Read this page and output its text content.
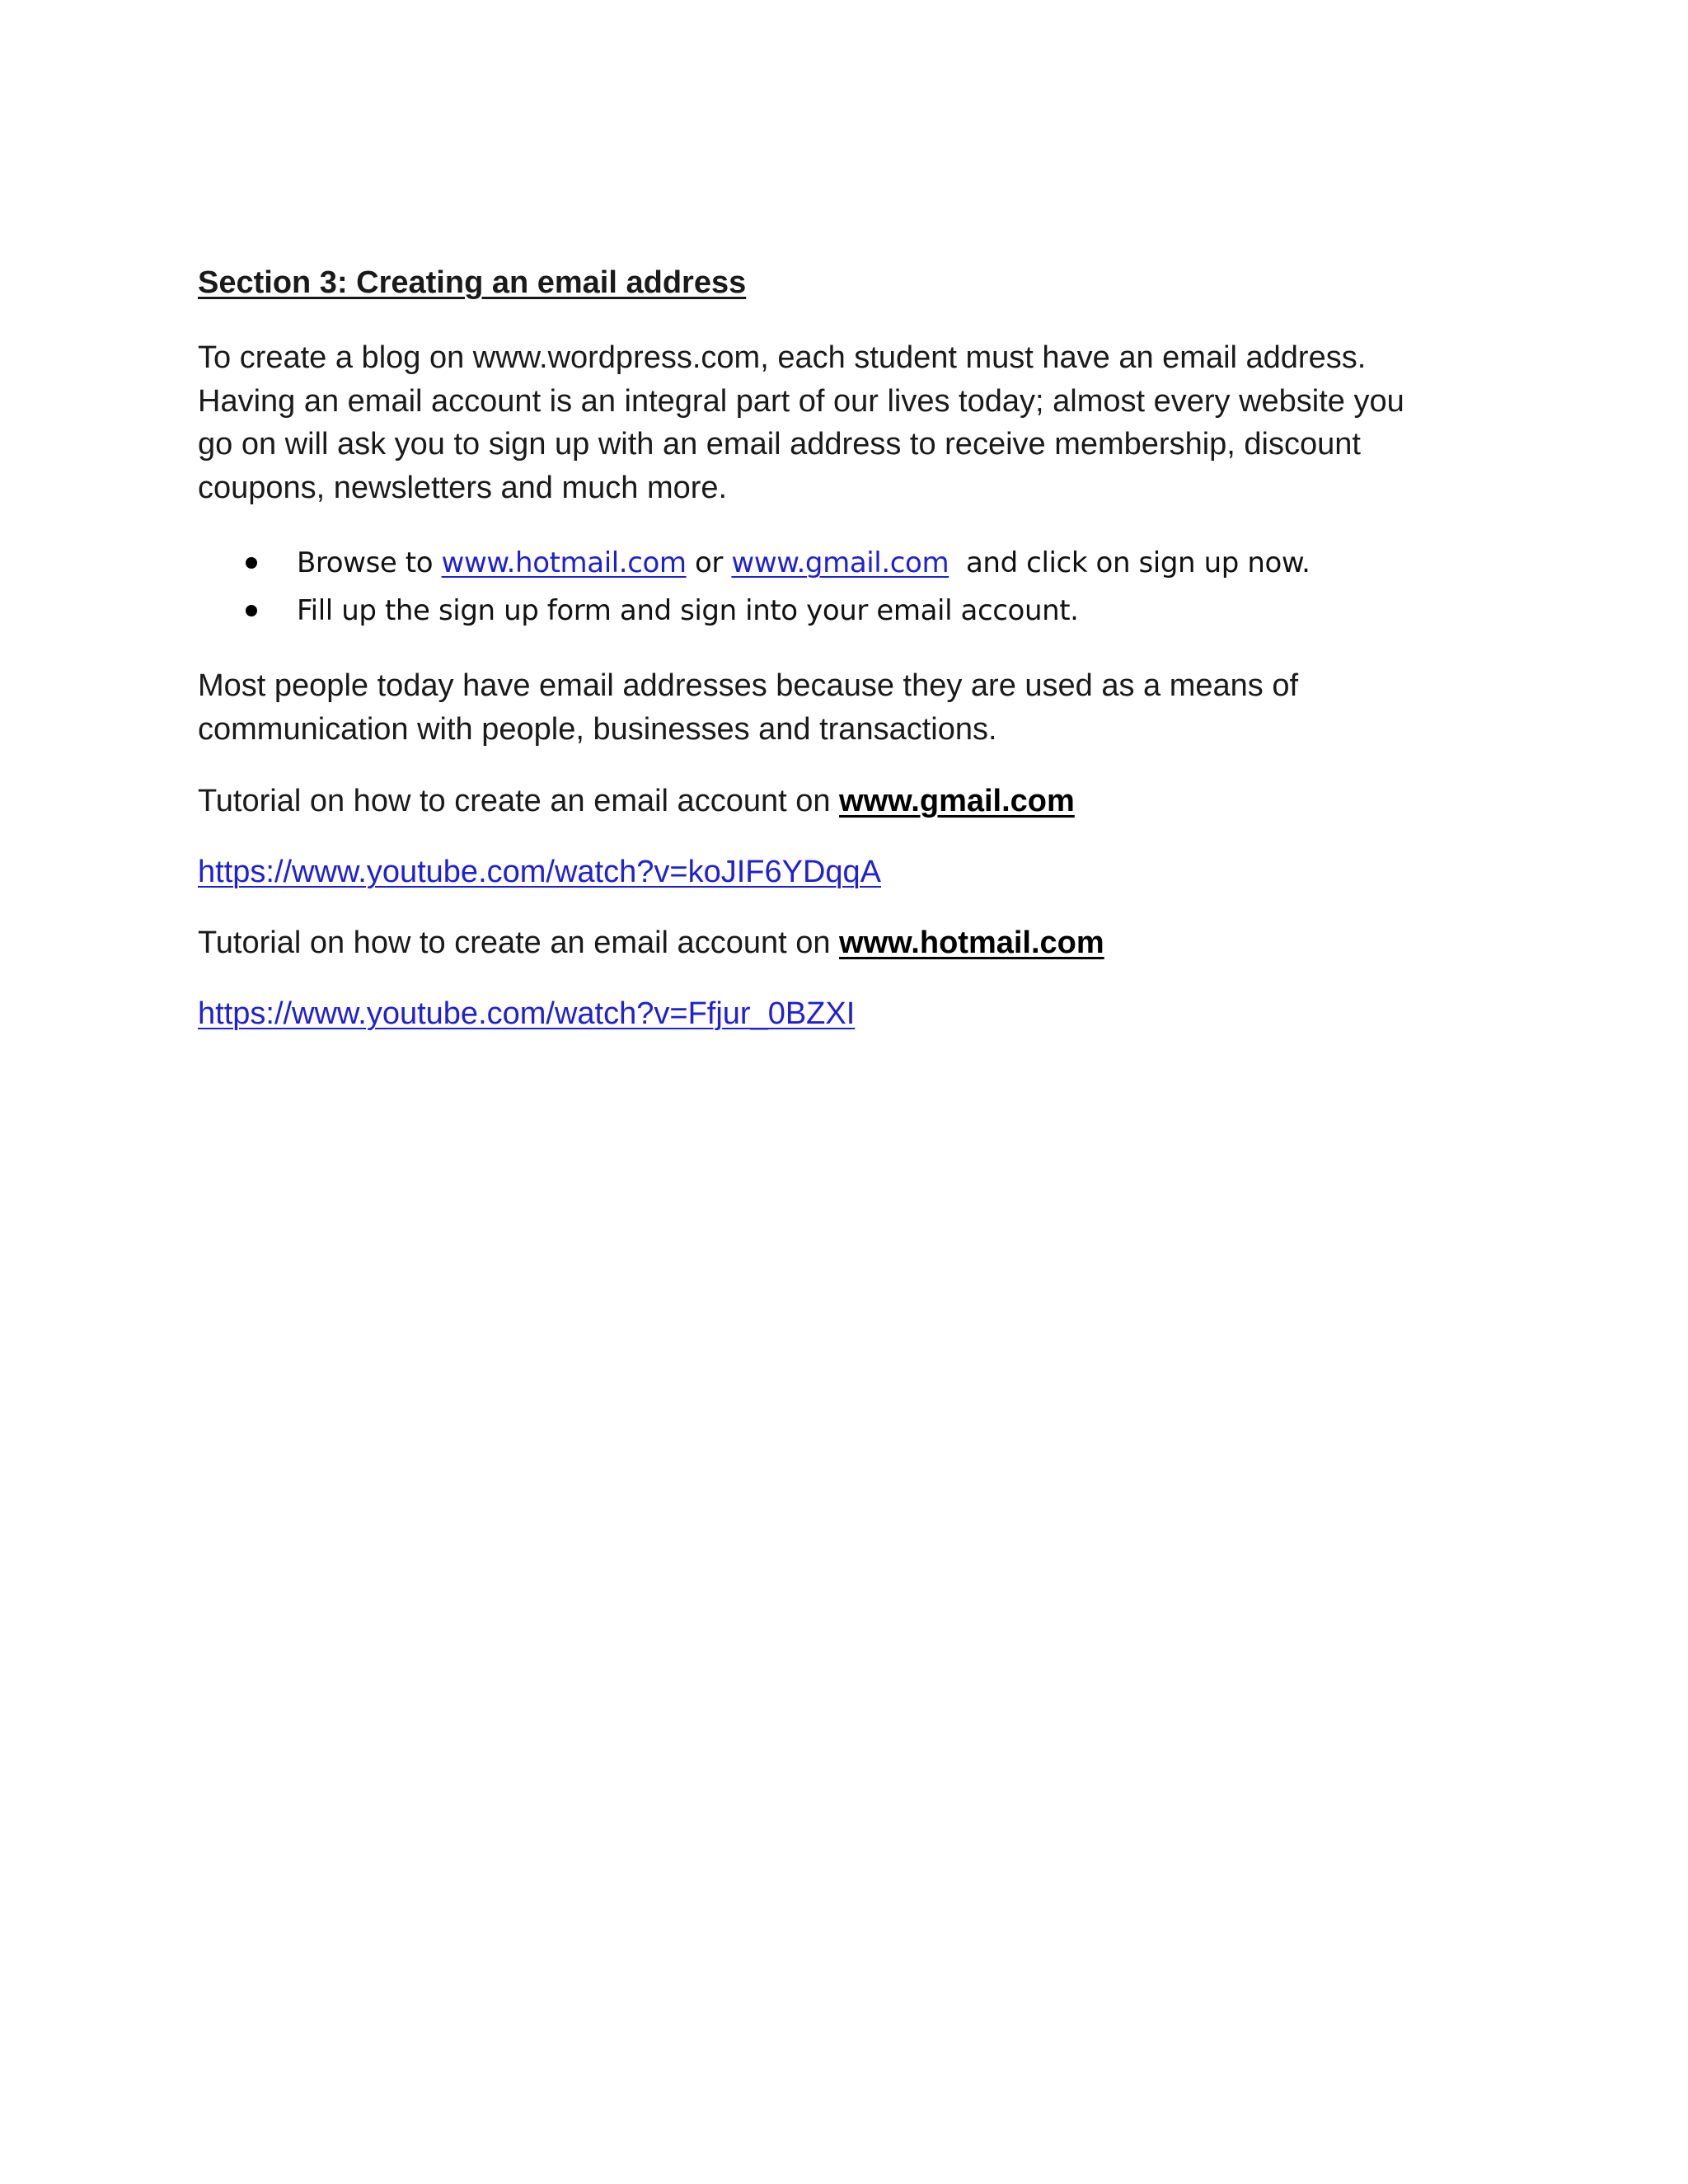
Section 3: Creating an email address
To create a blog on www.wordpress.com, each student must have an email address.
Having an email account is an integral part of our lives today; almost every website you
go on will ask you to sign up with an email address to receive membership, discount
coupons, newsletters and much more.
Browse to www.hotmail.com or www.gmail.com  and click on sign up now.
Fill up the sign up form and sign into your email account.
Most people today have email addresses because they are used as a means of
communication with people, businesses and transactions.
Tutorial on how to create an email account on www.gmail.com
https://www.youtube.com/watch?v=koJIF6YDqqA
Tutorial on how to create an email account on www.hotmail.com
https://www.youtube.com/watch?v=Ffjur_0BZXI
